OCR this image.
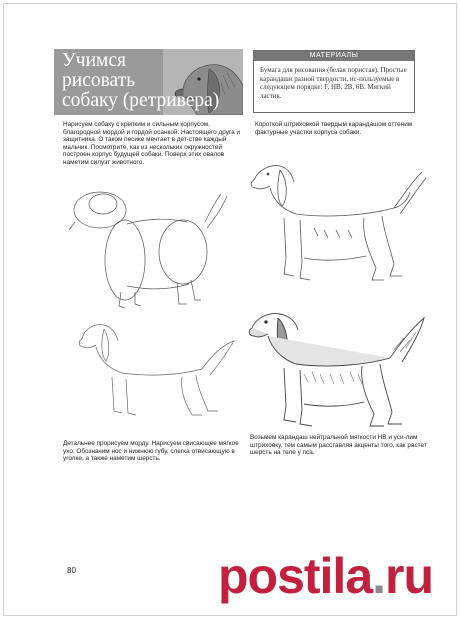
Учимся
рисовать
собаку (ретривера)
МАТЕРИАЛЫ
Бумага для рисования (белая пористая). Простые карандаши разной твердости, ис-пользуемые в следующем порядке: F, HB, 2B, 6B. Мягкий ластик.
Нарисуем собаку с крепким и сильным корпусом, благородной мордой и гордой осанкой. Настоящего друга и защитника. О таком песике мечтает в дет-стве каждый мальчик. Посмотрите, как из нескольких окружностей построен корпус будущей собаки. Поверх этих овалов наметим силуэт животного.
Короткой штриховкой твердым карандашом оттеним фактурные участки корпуса собаки.
Детальнее прорисуем морду. Нарисуем свисающее мягкое ухо. Обозначим нос и нижнюю губу, слегка отвисающую в уголке, а также наметим шерсть.
Возьмем карандаш нейтральной мягкости HB и уси-лим штриховку, тем самым расставляя акценты того, как растет шерсть на теле у пса.
80	postila.ru
